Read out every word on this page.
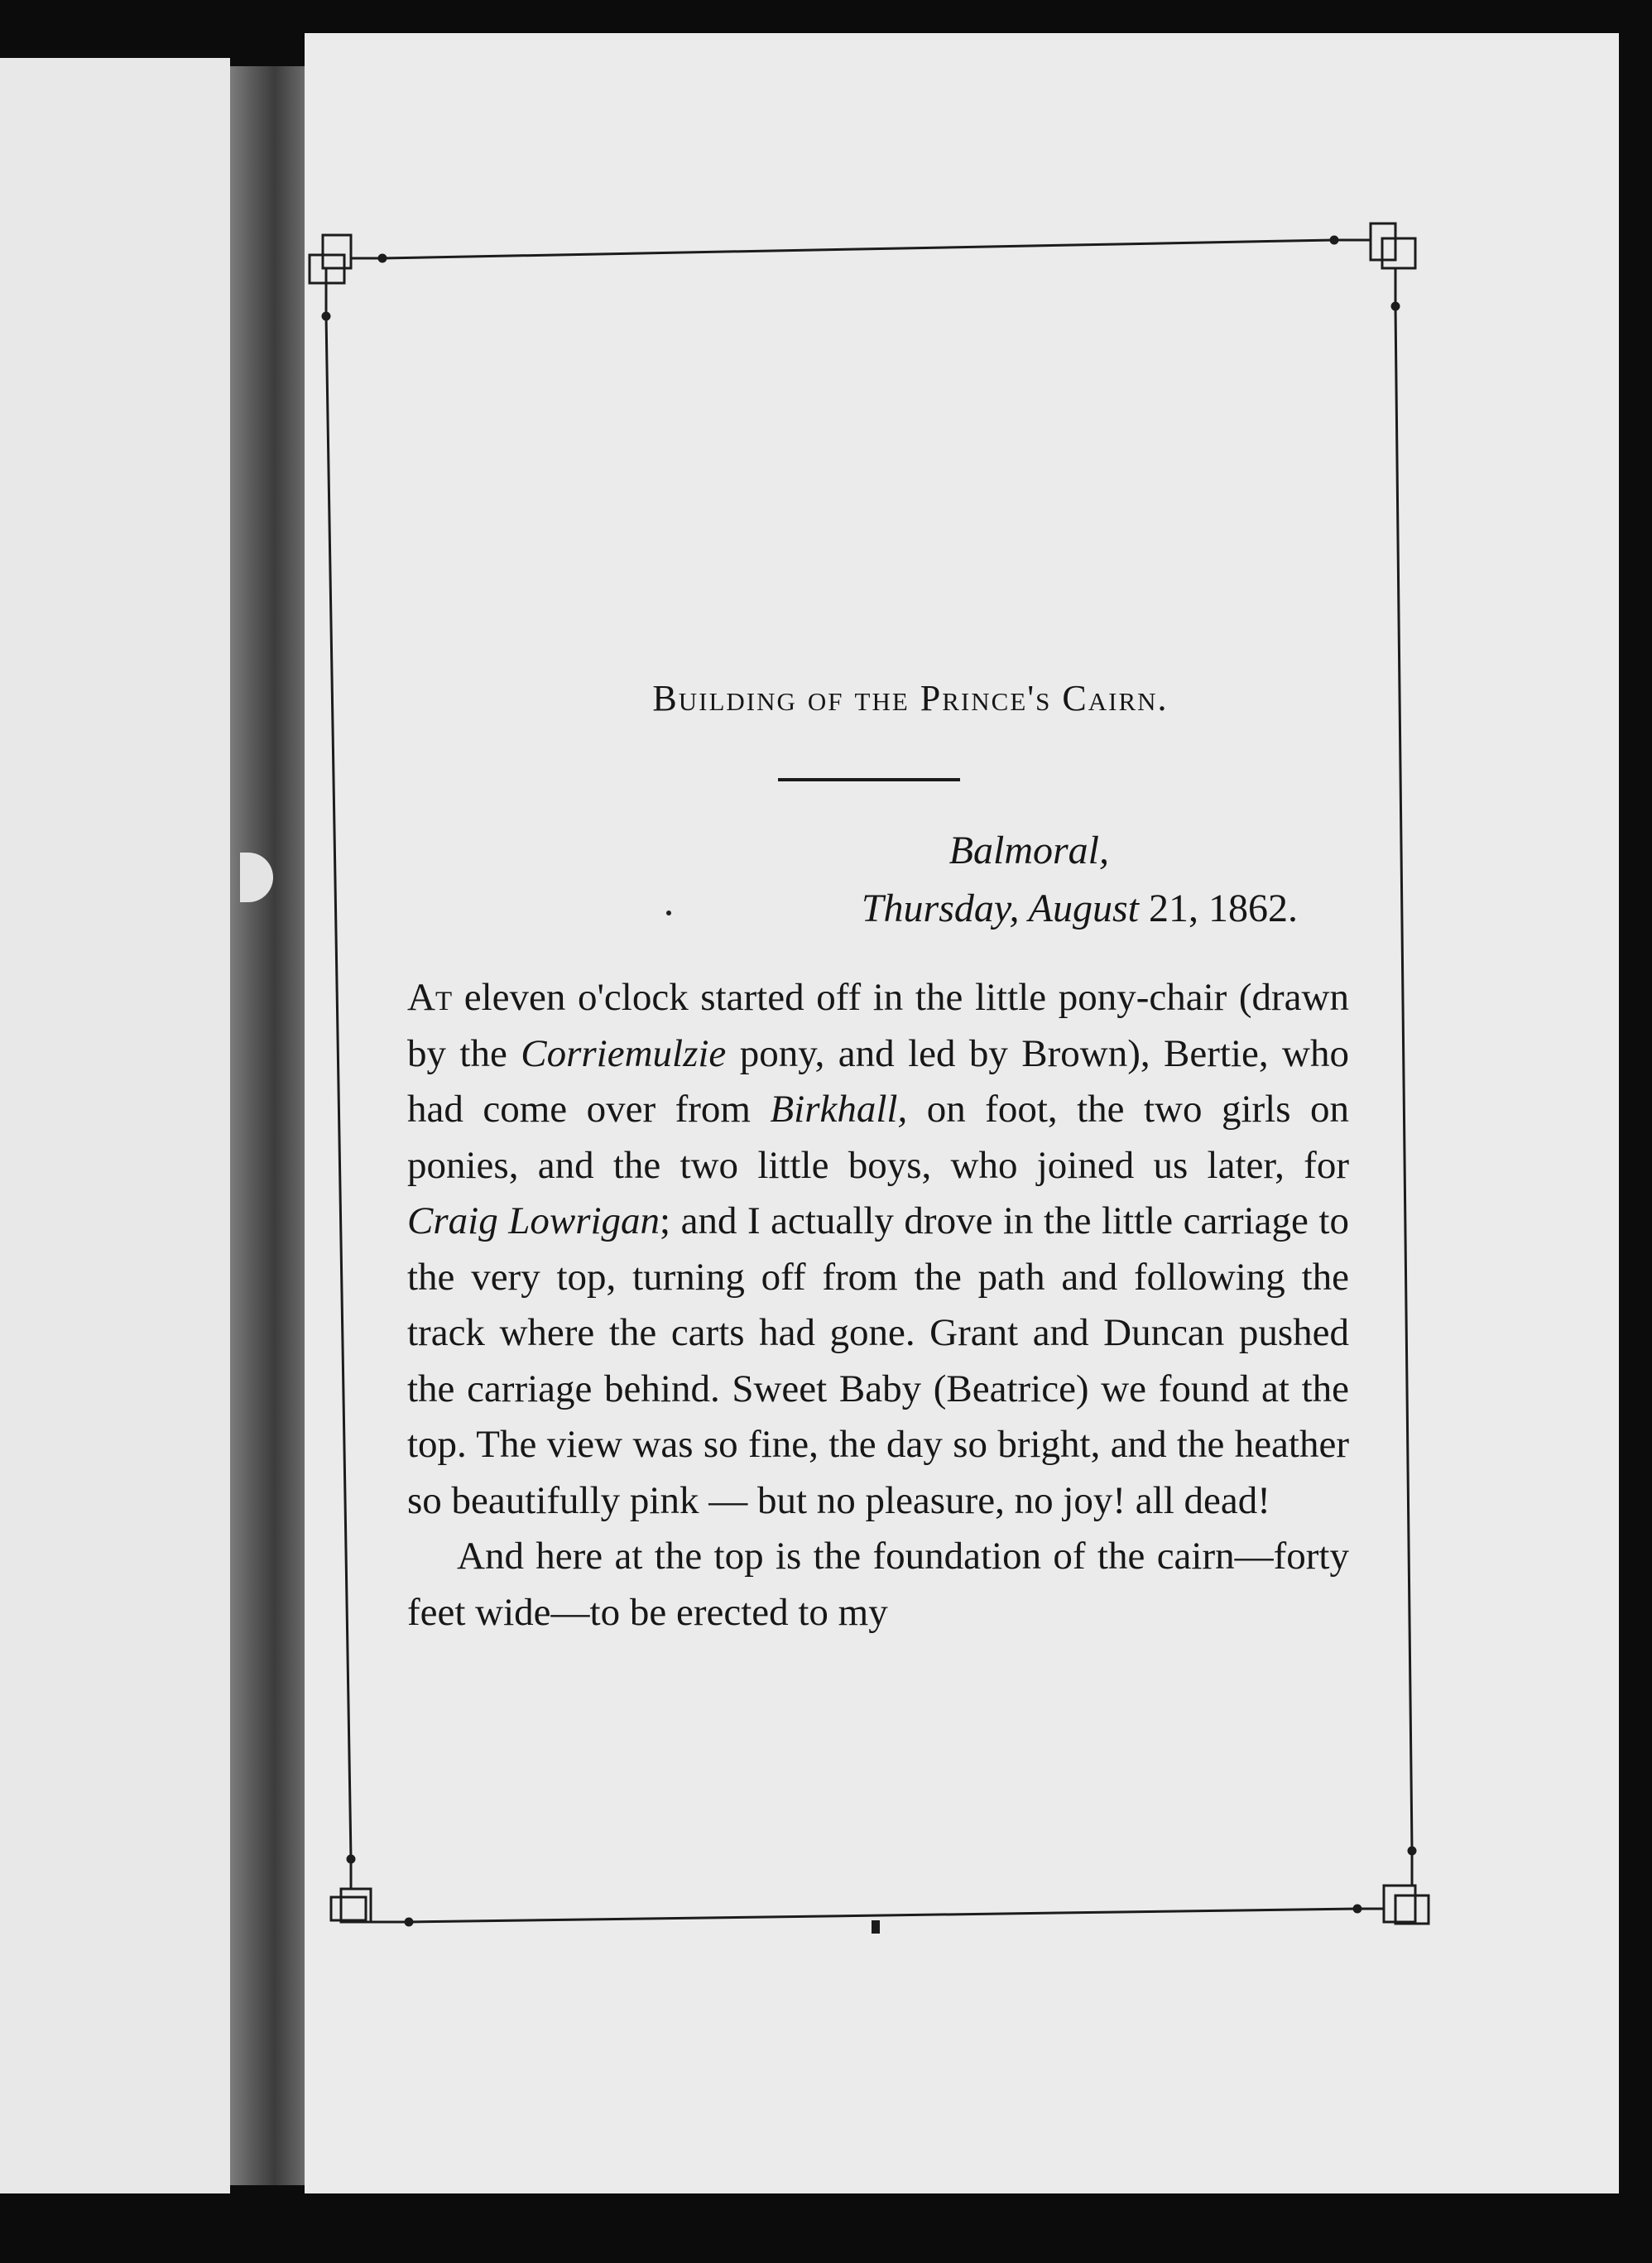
Building of the Prince's Cairn.
Balmoral,
Thursday, August 21, 1862.

At eleven o'clock started off in the little pony-chair (drawn by the Corriemulzie pony, and led by Brown), Bertie, who had come over from Birkhall, on foot, the two girls on ponies, and the two little boys, who joined us later, for Craig Lowrigan; and I actually drove in the little carriage to the very top, turning off from the path and following the track where the carts had gone. Grant and Duncan pushed the carriage behind. Sweet Baby (Beatrice) we found at the top. The view was so fine, the day so bright, and the heather so beautifully pink — but no pleasure, no joy! all dead!

And here at the top is the foundation of the cairn—forty feet wide—to be erected to my
